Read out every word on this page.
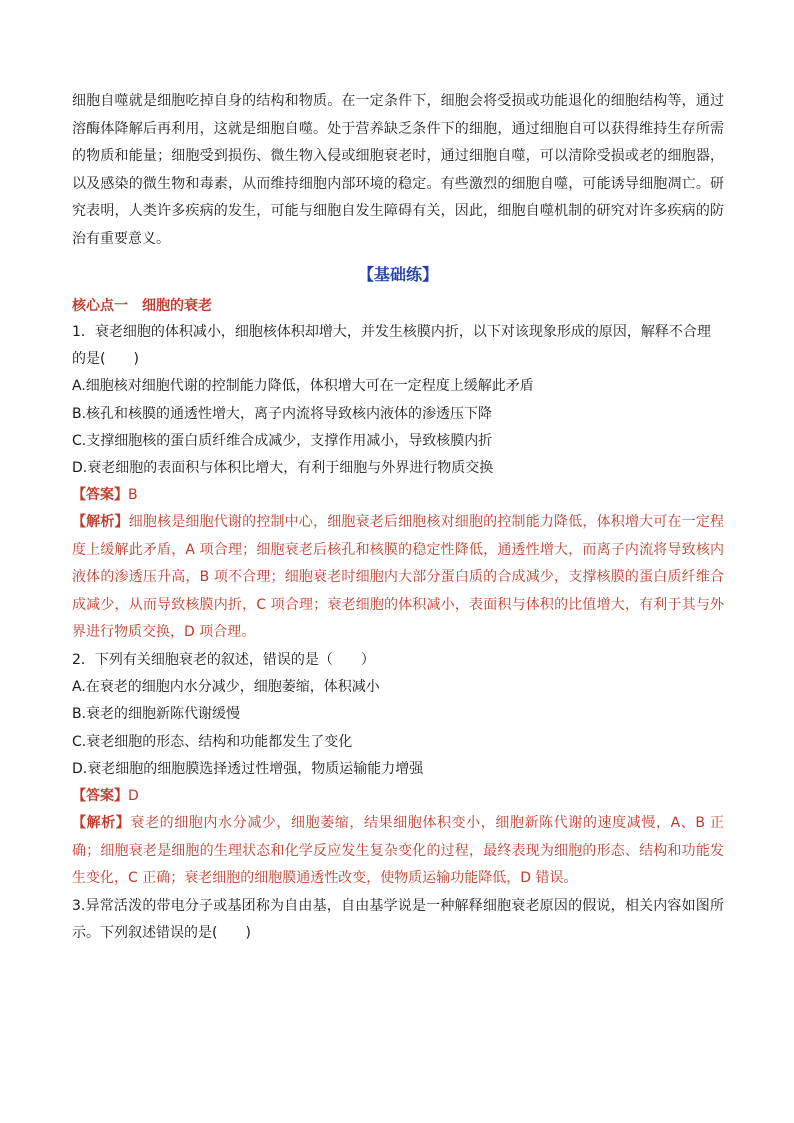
细胞自噬就是细胞吃掉自身的结构和物质。在一定条件下，细胞会将受损或功能退化的细胞结构等，通过溶酶体降解后再利用，这就是细胞自噬。处于营养缺乏条件下的细胞，通过细胞自可以获得维持生存所需的物质和能量；细胞受到损伤、微生物入侵或细胞衰老时，通过细胞自噬，可以清除受损或老的细胞器，以及感染的微生物和毒素，从而维持细胞内部环境的稳定。有些激烈的细胞自噬，可能诱导细胞凋亡。研究表明，人类许多疾病的发生，可能与细胞自发生障碍有关，因此，细胞自噬机制的研究对许多疾病的防治有重要意义。

【基础练】

核心点一　细胞的衰老

1．衰老细胞的体积减小，细胞核体积却增大，并发生核膜内折，以下对该现象形成的原因，解释不合理的是(　　)

A.细胞核对细胞代谢的控制能力降低，体积增大可在一定程度上缓解此矛盾

B.核孔和核膜的通透性增大，离子内流将导致核内液体的渗透压下降

C.支撑细胞核的蛋白质纤维合成减少，支撑作用减小，导致核膜内折

D.衰老细胞的表面积与体积比增大，有利于细胞与外界进行物质交换

【答案】B

【解析】细胞核是细胞代谢的控制中心，细胞衰老后细胞核对细胞的控制能力降低，体积增大可在一定程度上缓解此矛盾，A 项合理；细胞衰老后核孔和核膜的稳定性降低，通透性增大，而离子内流将导致核内液体的渗透压升高，B 项不合理；细胞衰老时细胞内大部分蛋白质的合成减少，支撑核膜的蛋白质纤维合成减少，从而导致核膜内折，C 项合理；衰老细胞的体积减小，表面积与体积的比值增大，有利于其与外界进行物质交换，D 项合理。

2．下列有关细胞衰老的叙述，错误的是（　　）

A.在衰老的细胞内水分减少，细胞萎缩，体积减小

B.衰老的细胞新陈代谢缓慢

C.衰老细胞的形态、结构和功能都发生了变化

D.衰老细胞的细胞膜选择透过性增强，物质运输能力增强

【答案】D

【解析】衰老的细胞内水分减少，细胞萎缩，结果细胞体积变小，细胞新陈代谢的速度减慢，A、B 正确；细胞衰老是细胞的生理状态和化学反应发生复杂变化的过程，最终表现为细胞的形态、结构和功能发生变化，C 正确；衰老细胞的细胞膜通透性改变，使物质运输功能降低，D 错误。

3.异常活泼的带电分子或基团称为自由基，自由基学说是一种解释细胞衰老原因的假说，相关内容如图所示。下列叙述错误的是(　　)
